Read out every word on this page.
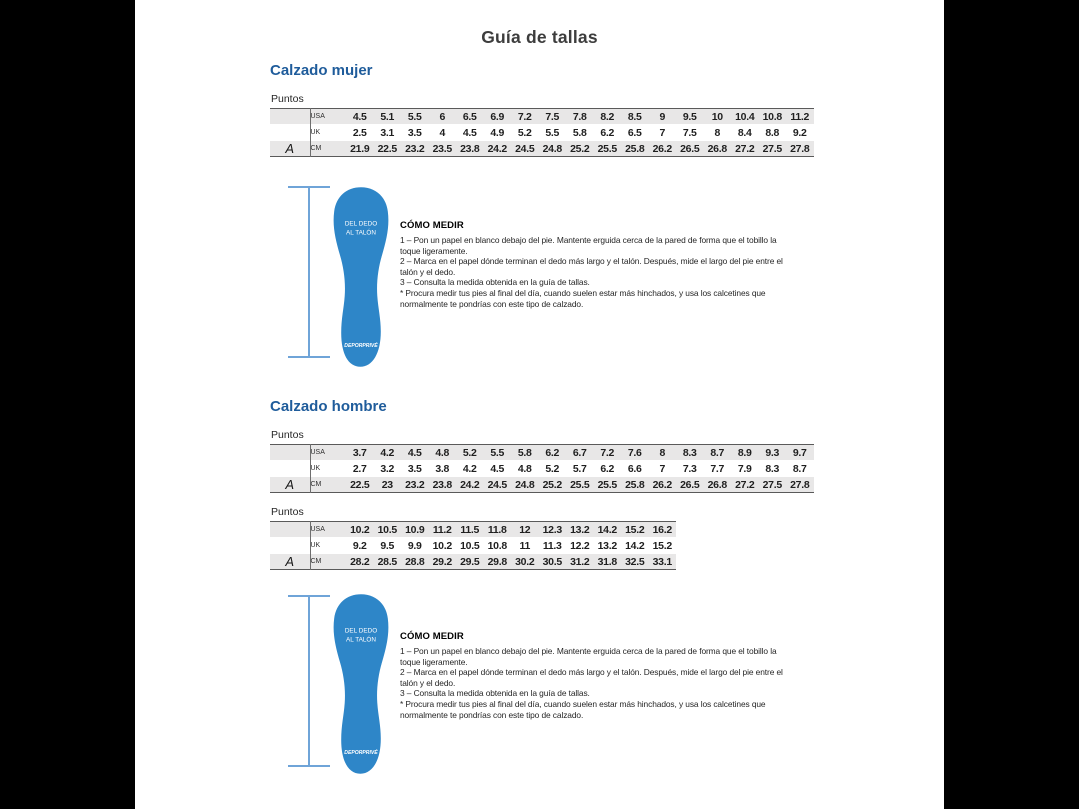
Guía de tallas
Calzado mujer
Puntos
	USA	4.5	5.1	5.5	6	6.5	6.9	7.2	7.5	7.8	8.2	8.5	9	9.5	10	10.4	10.8	11.2
	UK	2.5	3.1	3.5	4	4.5	4.9	5.2	5.5	5.8	6.2	6.5	7	7.5	8	8.4	8.8	9.2
A	CM	21.9	22.5	23.2	23.5	23.8	24.2	24.5	24.8	25.2	25.5	25.8	26.2	26.5	26.8	27.2	27.5	27.8
DEL DEDO
AL TALÓN
DEPORPRIVÉ
CÓMO MEDIR
1 – Pon un papel en blanco debajo del pie. Mantente erguida cerca de la pared de forma que el tobillo la
toque ligeramente.
2 – Marca en el papel dónde terminan el dedo más largo y el talón. Después, mide el largo del pie entre el
talón y el dedo.
3 – Consulta la medida obtenida en la guía de tallas.
* Procura medir tus pies al final del día, cuando suelen estar más hinchados, y usa los calcetines que
normalmente te pondrías con este tipo de calzado.
Calzado hombre
Puntos
	USA	3.7	4.2	4.5	4.8	5.2	5.5	5.8	6.2	6.7	7.2	7.6	8	8.3	8.7	8.9	9.3	9.7
	UK	2.7	3.2	3.5	3.8	4.2	4.5	4.8	5.2	5.7	6.2	6.6	7	7.3	7.7	7.9	8.3	8.7
A	CM	22.5	23	23.2	23.8	24.2	24.5	24.8	25.2	25.5	25.5	25.8	26.2	26.5	26.8	27.2	27.5	27.8
Puntos
	USA	10.2	10.5	10.9	11.2	11.5	11.8	12	12.3	13.2	14.2	15.2	16.2
	UK	9.2	9.5	9.9	10.2	10.5	10.8	11	11.3	12.2	13.2	14.2	15.2
A	CM	28.2	28.5	28.8	29.2	29.5	29.8	30.2	30.5	31.2	31.8	32.5	33.1
DEL DEDO
AL TALÓN
DEPORPRIVÉ
CÓMO MEDIR
1 – Pon un papel en blanco debajo del pie. Mantente erguida cerca de la pared de forma que el tobillo la
toque ligeramente.
2 – Marca en el papel dónde terminan el dedo más largo y el talón. Después, mide el largo del pie entre el
talón y el dedo.
3 – Consulta la medida obtenida en la guía de tallas.
* Procura medir tus pies al final del día, cuando suelen estar más hinchados, y usa los calcetines que
normalmente te pondrías con este tipo de calzado.
